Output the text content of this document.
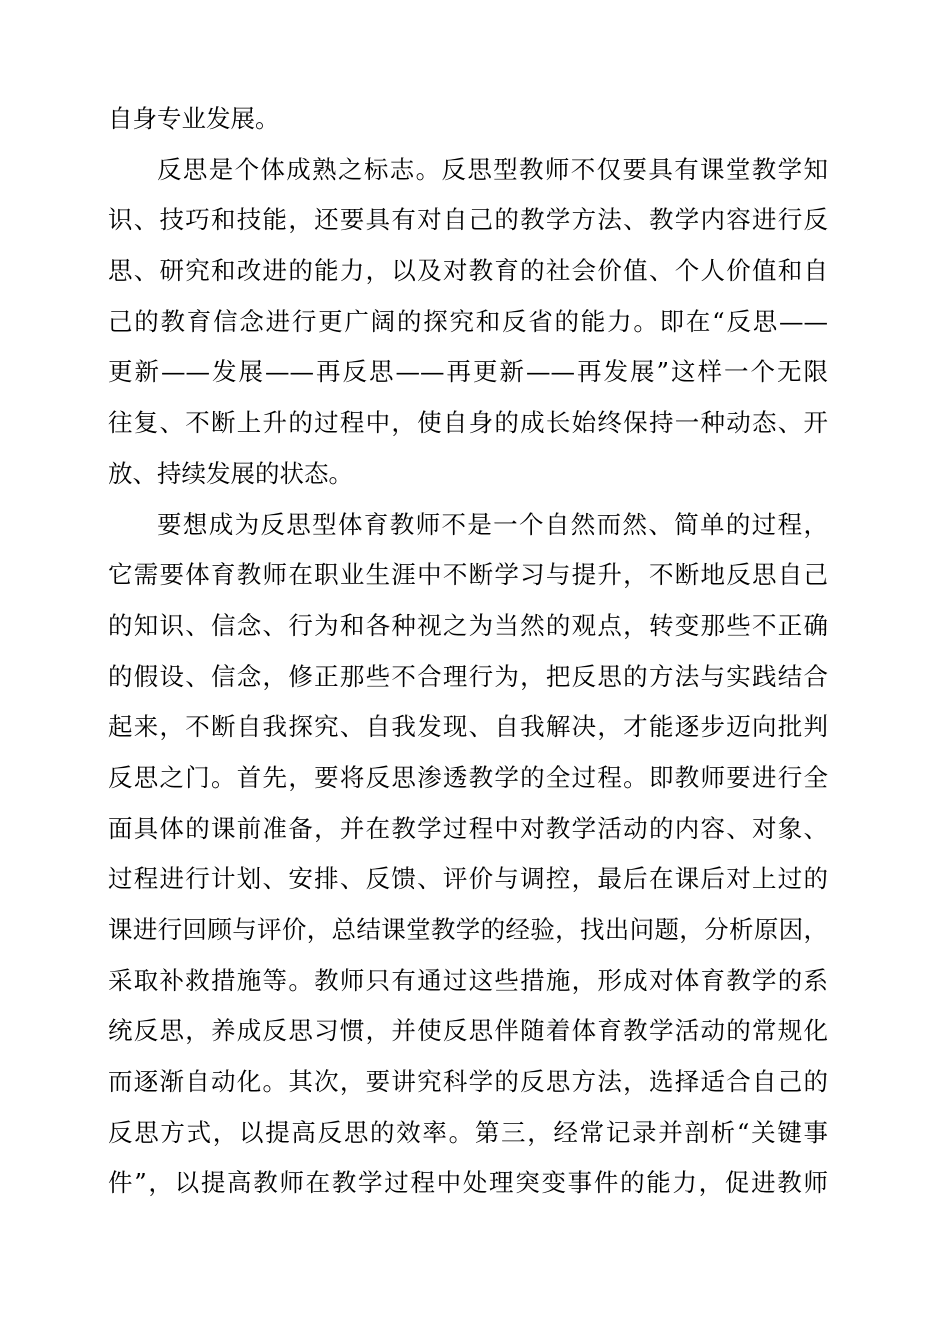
自身专业发展。
反思是个体成熟之标志。反思型教师不仅要具有课堂教学知
识、技巧和技能，还要具有对自己的教学方法、教学内容进行反
思、研究和改进的能力，以及对教育的社会价值、个人价值和自
己的教育信念进行更广阔的探究和反省的能力。即在“反思——
更新——发展——再反思——再更新——再发展”这样一个无限
往复、不断上升的过程中，使自身的成长始终保持一种动态、开
放、持续发展的状态。
要想成为反思型体育教师不是一个自然而然、简单的过程，
它需要体育教师在职业生涯中不断学习与提升，不断地反思自己
的知识、信念、行为和各种视之为当然的观点，转变那些不正确
的假设、信念，修正那些不合理行为，把反思的方法与实践结合
起来，不断自我探究、自我发现、自我解决，才能逐步迈向批判
反思之门。首先，要将反思渗透教学的全过程。即教师要进行全
面具体的课前准备，并在教学过程中对教学活动的内容、对象、
过程进行计划、安排、反馈、评价与调控，最后在课后对上过的
课进行回顾与评价，总结课堂教学的经验，找出问题，分析原因，
采取补救措施等。教师只有通过这些措施，形成对体育教学的系
统反思，养成反思习惯，并使反思伴随着体育教学活动的常规化
而逐渐自动化。其次，要讲究科学的反思方法，选择适合自己的
反思方式，以提高反思的效率。第三，经常记录并剖析“关键事
件”，以提高教师在教学过程中处理突变事件的能力，促进教师
